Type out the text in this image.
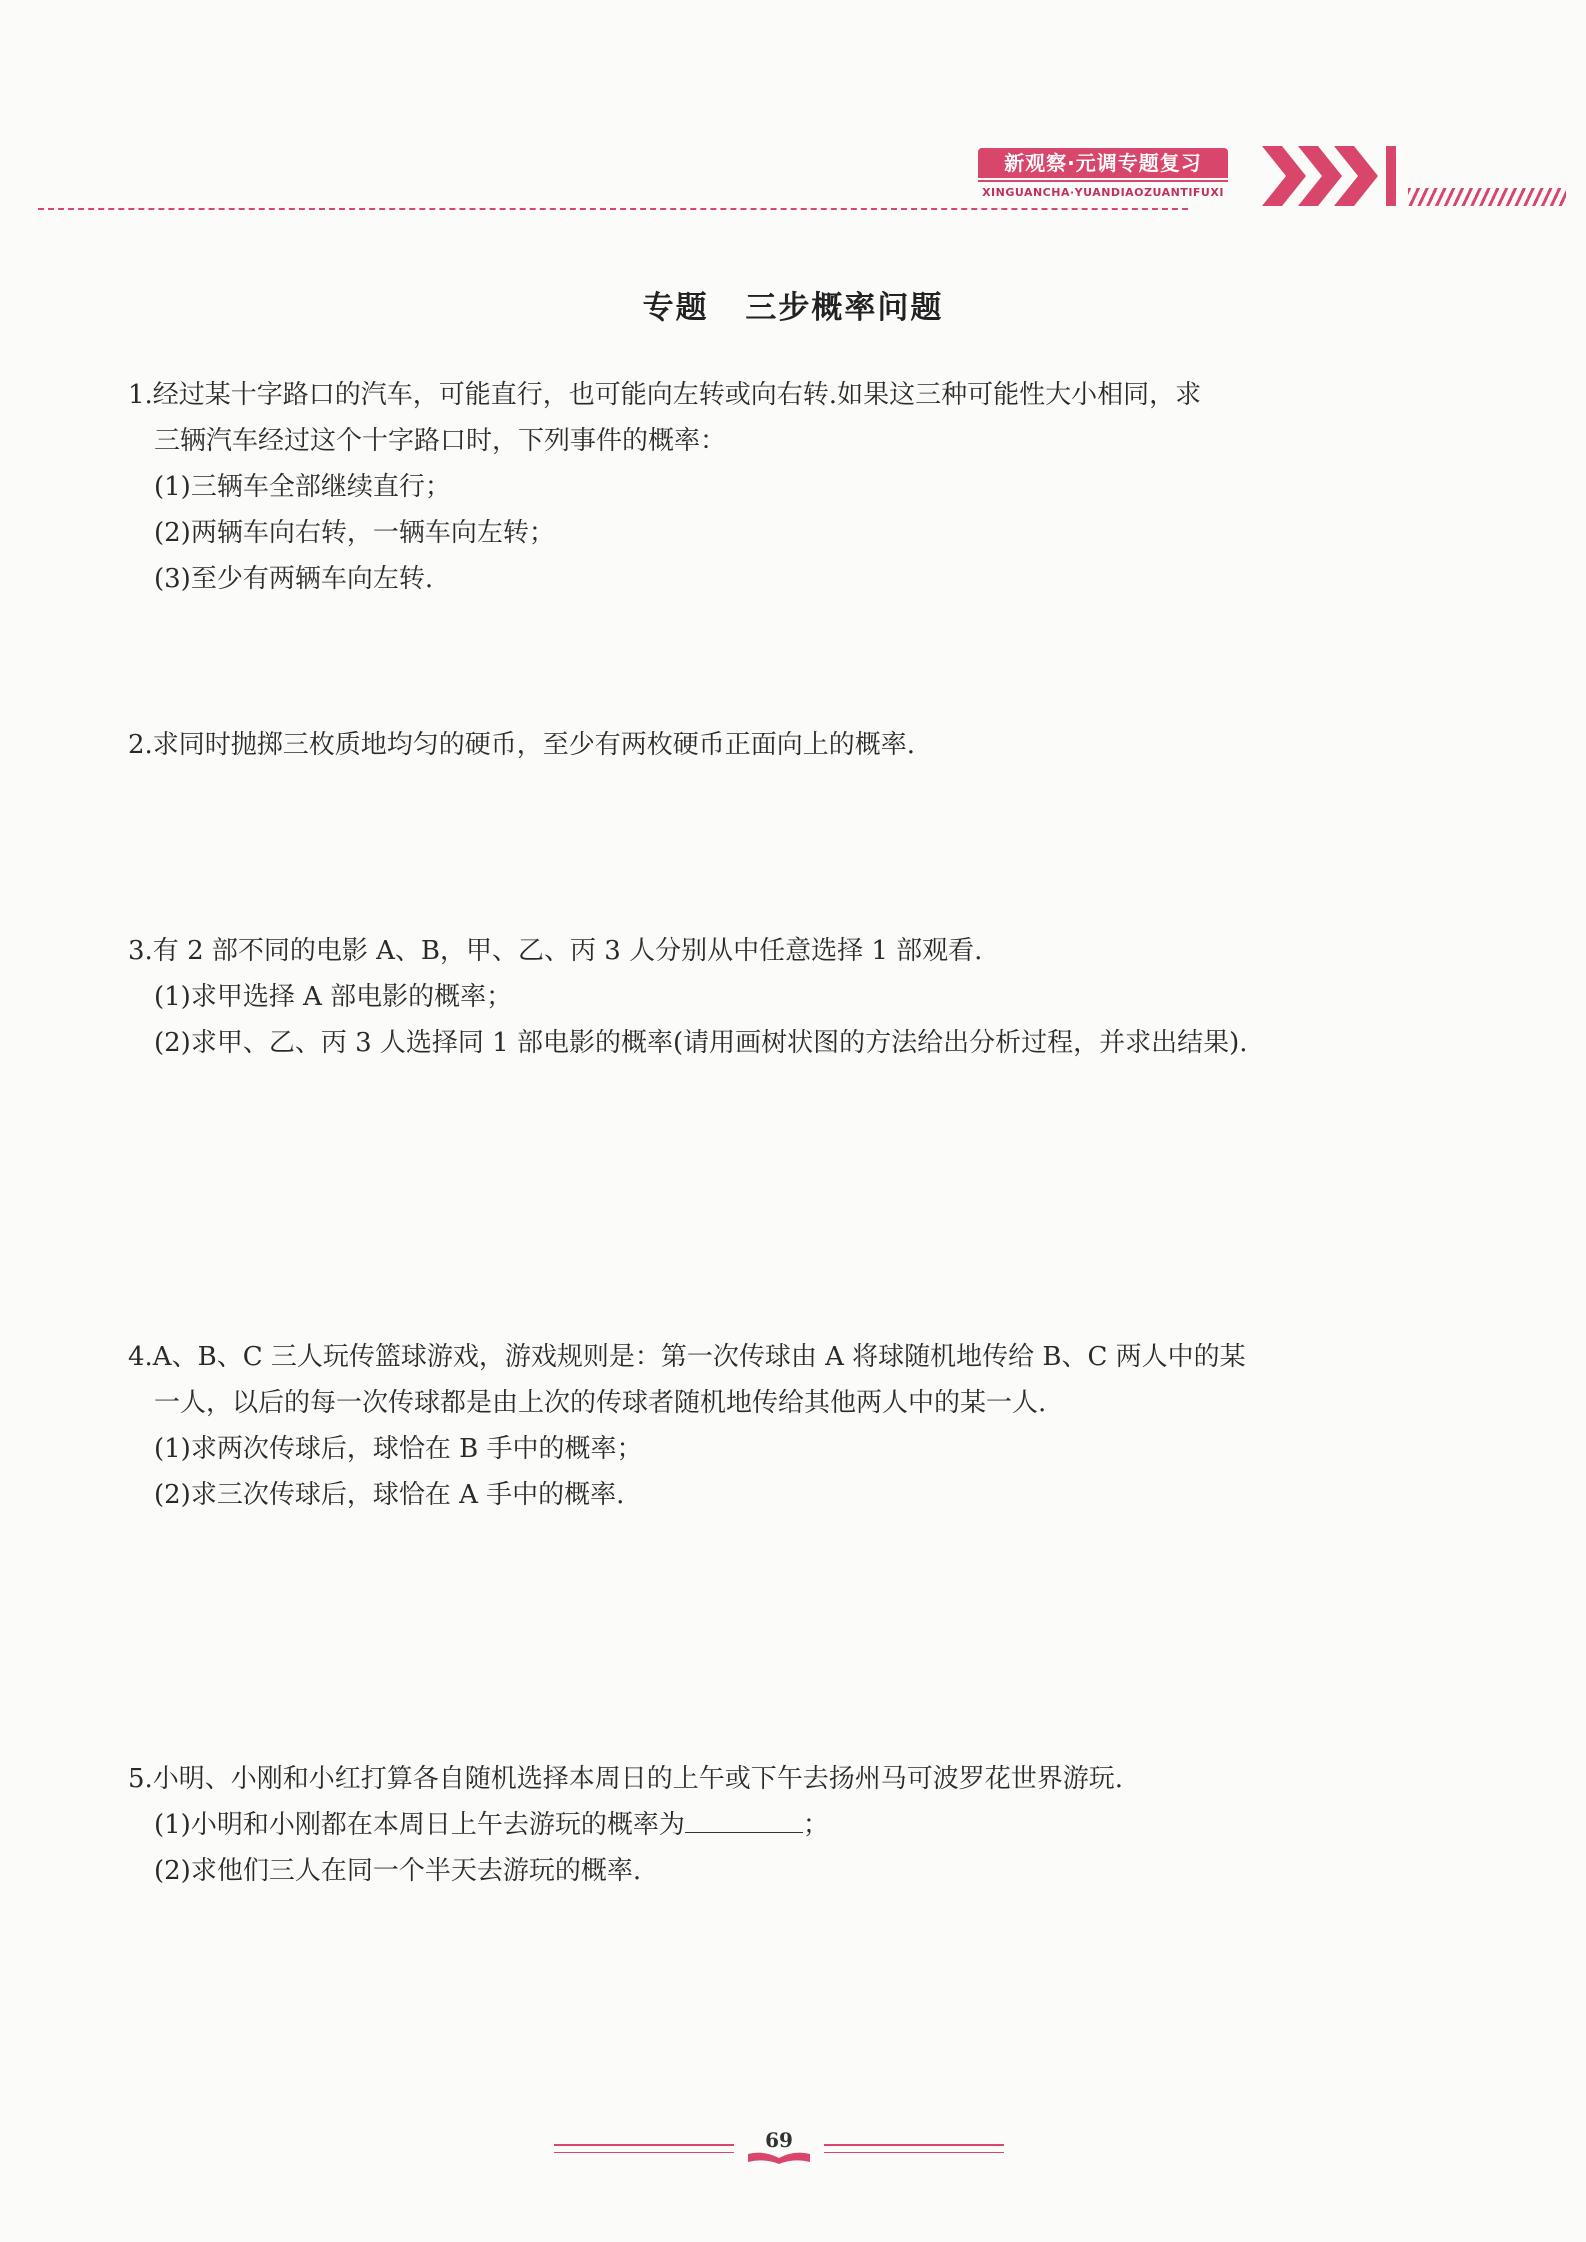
新观察·元调专题复习
XINGUANCHA·YUANDIAOZUANTIFUXI
专题 三步概率问题
1.经过某十字路口的汽车，可能直行，也可能向左转或向右转.如果这三种可能性大小相同，求
三辆汽车经过这个十字路口时，下列事件的概率：
(1)三辆车全部继续直行；
(2)两辆车向右转，一辆车向左转；
(3)至少有两辆车向左转.
2.求同时抛掷三枚质地均匀的硬币，至少有两枚硬币正面向上的概率.
3.有 2 部不同的电影 A、B，甲、乙、丙 3 人分别从中任意选择 1 部观看.
(1)求甲选择 A 部电影的概率；
(2)求甲、乙、丙 3 人选择同 1 部电影的概率(请用画树状图的方法给出分析过程，并求出结果).
4.A、B、C 三人玩传篮球游戏，游戏规则是：第一次传球由 A 将球随机地传给 B、C 两人中的某
一人，以后的每一次传球都是由上次的传球者随机地传给其他两人中的某一人.
(1)求两次传球后，球恰在 B 手中的概率；
(2)求三次传球后，球恰在 A 手中的概率.
5.小明、小刚和小红打算各自随机选择本周日的上午或下午去扬州马可波罗花世界游玩.
(1)小明和小刚都在本周日上午去游玩的概率为	；
(2)求他们三人在同一个半天去游玩的概率.
69
